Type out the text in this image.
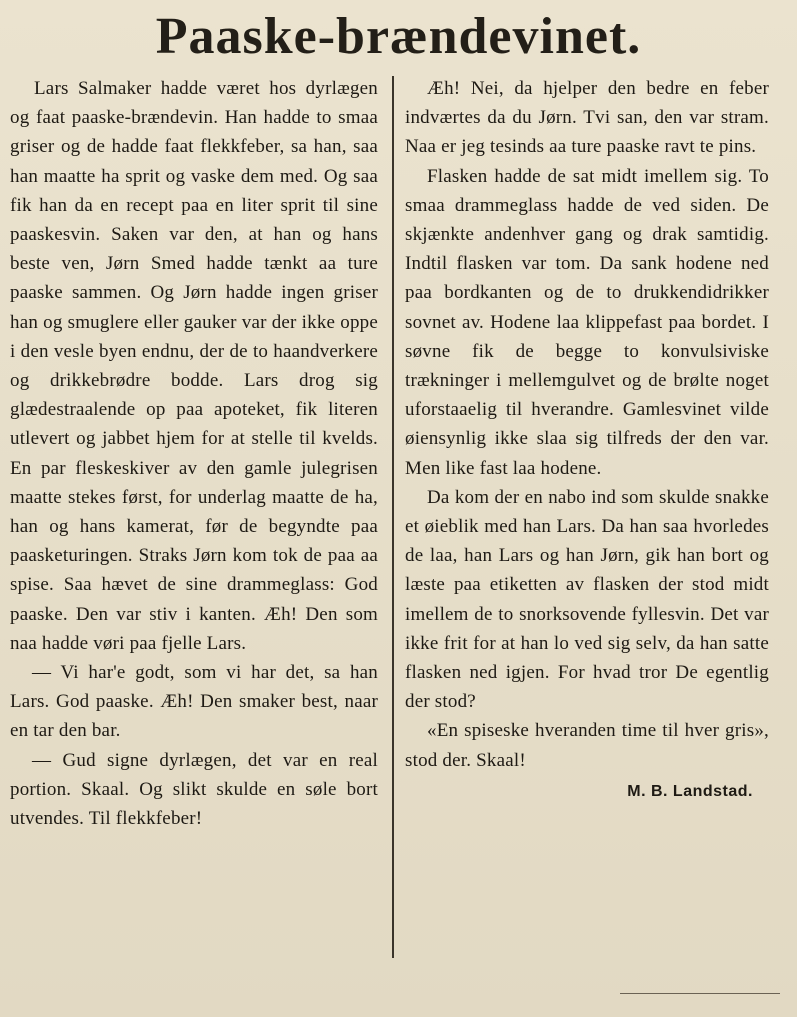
Paaske-brændevinet.

Lars Salmaker hadde været hos dyrlægen og faat paaske-brændevin. Han hadde to smaa griser og de hadde faat flekkfeber, sa han, saa han maatte ha sprit og vaske dem med. Og saa fik han da en recept paa en liter sprit til sine paaskesvin. Saken var den, at han og hans beste ven, Jørn Smed hadde tænkt aa ture paaske sammen. Og Jørn hadde ingen griser han og smuglere eller gauker var der ikke oppe i den vesle byen endnu, der de to haandverkere og drikkebrødre bodde. Lars drog sig glædestraalende op paa apoteket, fik literen utlevert og jabbet hjem for at stelle til kvelds. En par fleskeskiver av den gamle julegrisen maatte stekes først, for underlag maatte de ha, han og hans kamerat, før de begyndte paa paasketuringen. Straks Jørn kom tok de paa aa spise. Saa hævet de sine drammeglass: God paaske. Den var stiv i kanten. Æh! Den som naa hadde vøri paa fjelle Lars.

— Vi har'e godt, som vi har det, sa han Lars. God paaske. Æh! Den smaker best, naar en tar den bar.

— Gud signe dyrlægen, det var en real portion. Skaal. Og slikt skulde en søle bort utvendes. Til flekkfeber!

Æh! Nei, da hjelper den bedre en feber indværtes da du Jørn. Tvi san, den var stram. Naa er jeg tesinds aa ture paaske ravt te pins.

Flasken hadde de sat midt imellem sig. To smaa drammeglass hadde de ved siden. De skjænkte andenhver gang og drak samtidig. Indtil flasken var tom. Da sank hodene ned paa bordkanten og de to drukkendidrikker sovnet av. Hodene laa klippefast paa bordet. I søvne fik de begge to konvulsiviske trækninger i mellemgulvet og de brølte noget uforstaaelig til hverandre. Gamlesvinet vilde øiensynlig ikke slaa sig tilfreds der den var. Men like fast laa hodene.

Da kom der en nabo ind som skulde snakke et øieblik med han Lars. Da han saa hvorledes de laa, han Lars og han Jørn, gik han bort og læste paa etiketten av flasken der stod midt imellem de to snorksovende fyllesvin. Det var ikke frit for at han lo ved sig selv, da han satte flasken ned igjen. For hvad tror De egentlig der stod?

«En spiseske hveranden time til hver gris», stod der. Skaal!

M. B. Landstad.
